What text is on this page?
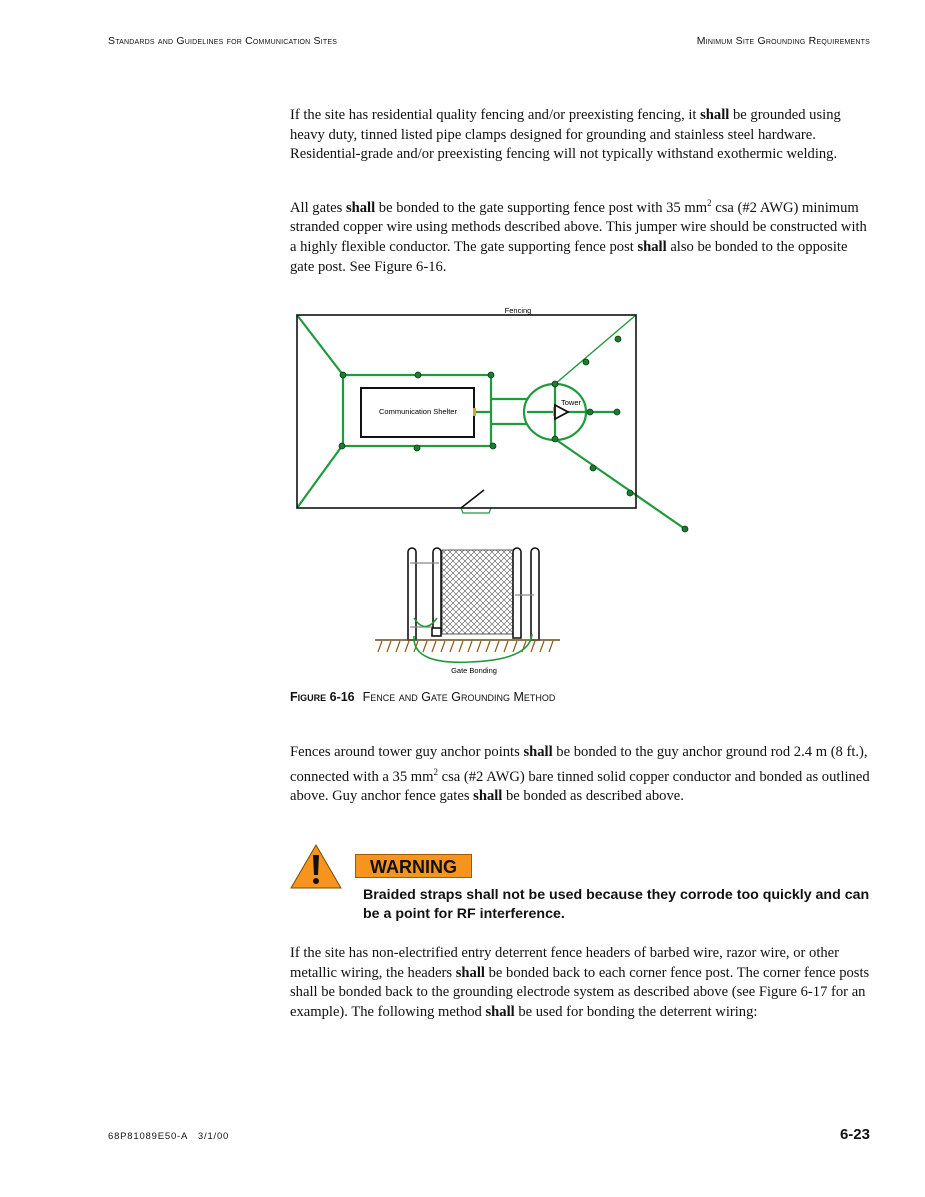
Standards and Guidelines for Communication Sites	Minimum Site Grounding Requirements

If the site has residential quality fencing and/or preexisting fencing, it shall be grounded using heavy duty, tinned listed pipe clamps designed for grounding and stainless steel hardware. Residential-grade and/or preexisting fencing will not typically withstand exothermic welding.

All gates shall be bonded to the gate supporting fence post with 35 $mm^2$ csa (#2 AWG) minimum stranded copper wire using methods described above. This jumper wire should be constructed with a highly flexible conductor. The gate supporting fence post shall also be bonded to the opposite gate post. See Figure 6-16.

Fencing
Communication Shelter
Tower
Gate Bonding
Figure 6-16 Fence and Gate Grounding Method

Fences around tower guy anchor points shall be bonded to the guy anchor ground rod 2.4 m (8 ft.), connected with a 35 $mm^2$ csa (#2 AWG) bare tinned solid copper conductor and bonded as outlined above. Guy anchor fence gates shall be bonded as described above.

WARNING
Braided straps shall not be used because they corrode too quickly and can be a point for RF interference.

If the site has non-electrified entry deterrent fence headers of barbed wire, razor wire, or other metallic wiring, the headers shall be bonded back to each corner fence post. The corner fence posts shall be bonded back to the grounding electrode system as described above (see Figure 6-17 for an example). The following method shall be used for bonding the deterrent wiring:

68P81089E50-A   3/1/00	6-23
